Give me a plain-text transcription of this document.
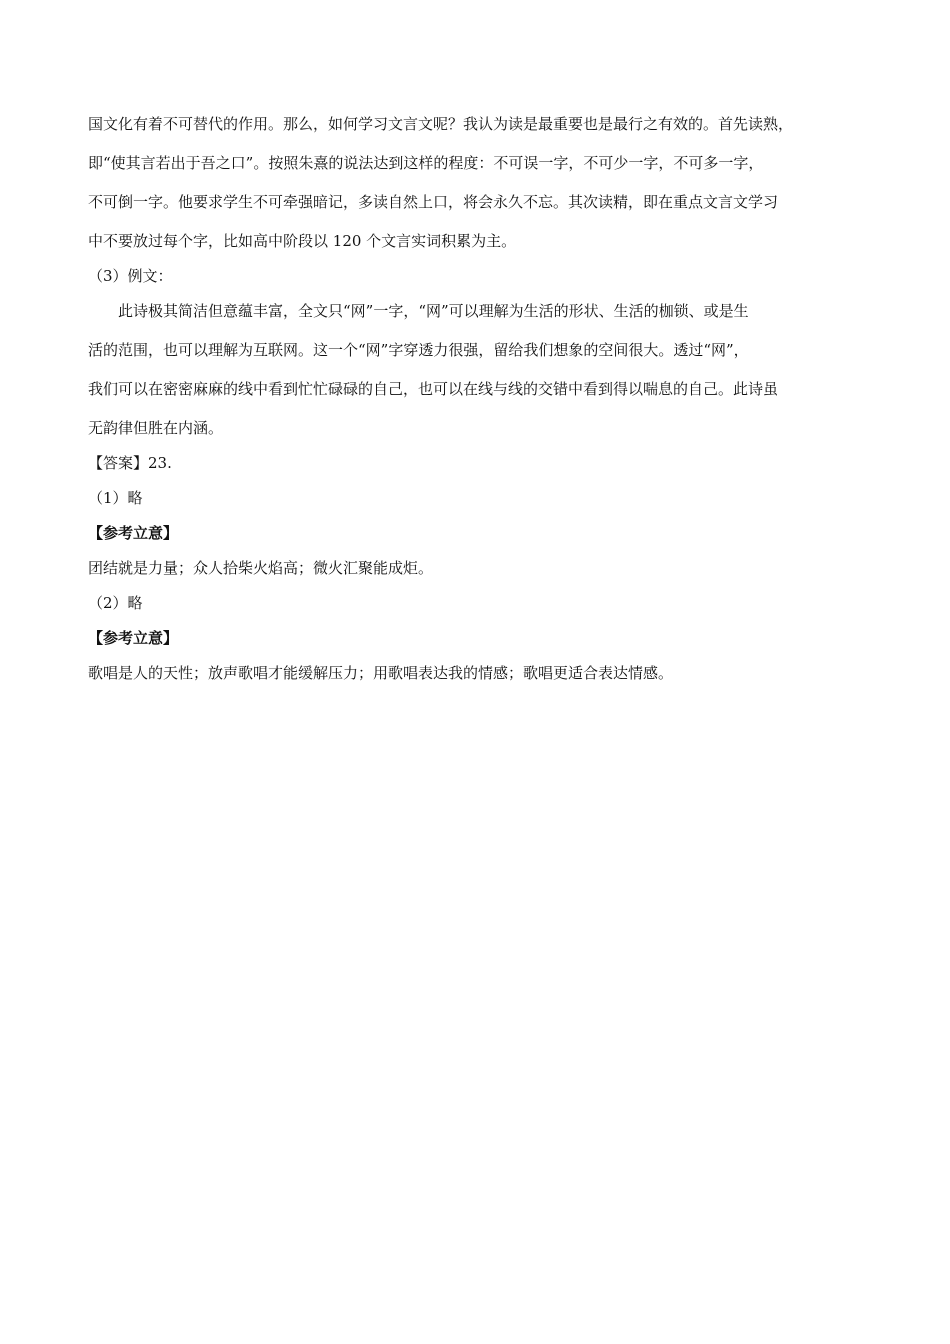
国文化有着不可替代的作用。那么，如何学习文言文呢？我认为读是最重要也是最行之有效的。首先读熟，

即“使其言若出于吾之口”。按照朱熹的说法达到这样的程度：不可误一字，不可少一字，不可多一字，

不可倒一字。他要求学生不可牵强暗记，多读自然上口，将会永久不忘。其次读精，即在重点文言文学习

中不要放过每个字，比如高中阶段以 120 个文言实词积累为主。

（3）例文：

此诗极其简洁但意蕴丰富，全文只“网”一字，“网”可以理解为生活的形状、生活的枷锁、或是生

活的范围，也可以理解为互联网。这一个“网”字穿透力很强，留给我们想象的空间很大。透过“网”，

我们可以在密密麻麻的线中看到忙忙碌碌的自己，也可以在线与线的交错中看到得以喘息的自己。此诗虽

无韵律但胜在内涵。

【答案】23.

（1）略

【参考立意】

团结就是力量；众人拾柴火焰高；微火汇聚能成炬。

（2）略

【参考立意】

歌唱是人的天性；放声歌唱才能缓解压力；用歌唱表达我的情感；歌唱更适合表达情感。
